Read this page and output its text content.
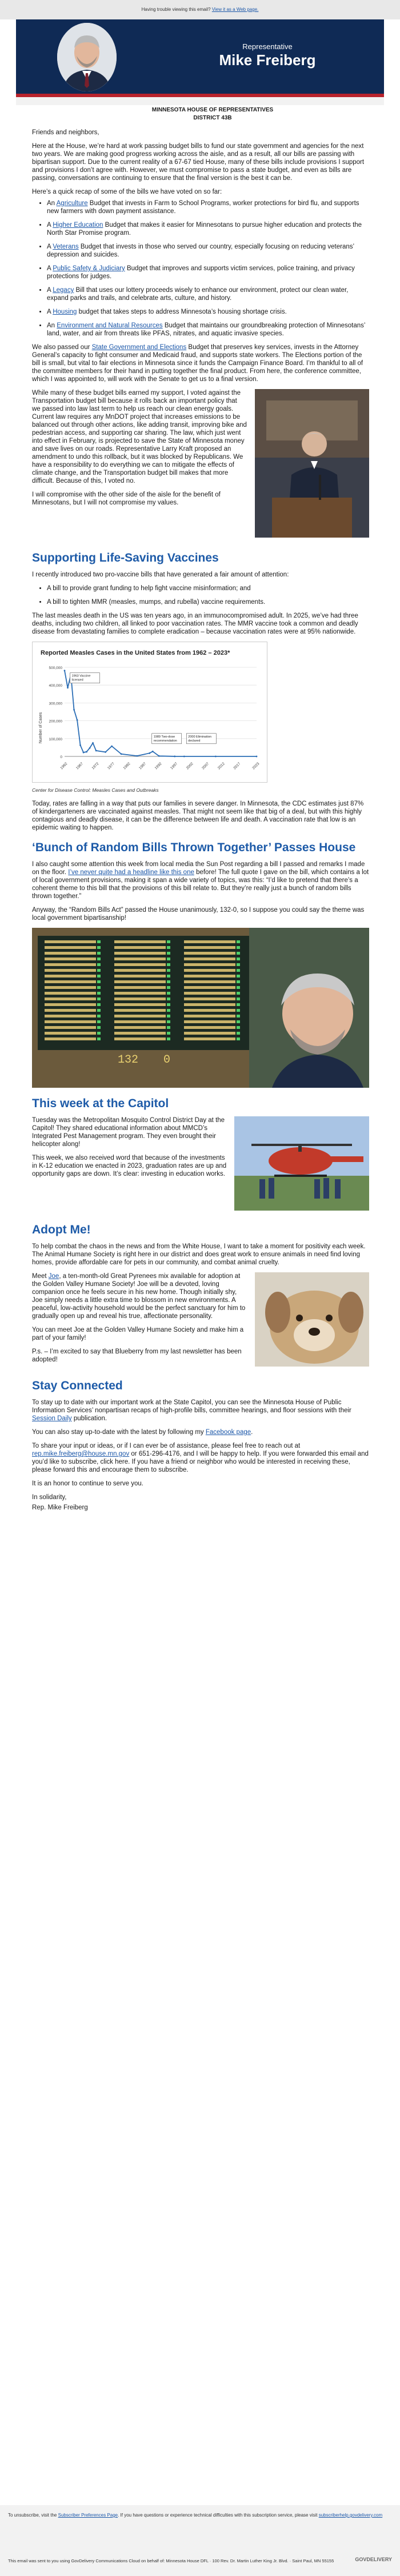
Having trouble viewing this email? View it as a Web page.
Representative
Mike Freiberg
MINNESOTA HOUSE OF REPRESENTATIVES
DISTRICT 43B

Friends and neighbors,

Here at the House, we’re hard at work passing budget bills to fund our state government and agencies for the next two years. We are making good progress working across the aisle, and as a result, all our bills are passing with bipartisan support. Due to the current reality of a 67-67 tied House, many of these bills include provisions I support and provisions I don’t agree with. However, we must compromise to pass a state budget, and even as bills are passing, conversations are continuing to ensure that the final version is the best it can be.

Here’s a quick recap of some of the bills we have voted on so far:

• An Agriculture Budget that invests in Farm to School Programs, worker protections for bird flu, and supports new farmers with down payment assistance.
• A Higher Education Budget that makes it easier for Minnesotans to pursue higher education and protects the North Star Promise program.
• A Veterans Budget that invests in those who served our country, especially focusing on reducing veterans’ depression and suicides.
• A Public Safety & Judiciary Budget that improves and supports victim services, police training, and privacy protections for judges.
• A Legacy Bill that uses our lottery proceeds wisely to enhance our environment, protect our clean water, expand parks and trails, and celebrate arts, culture, and history.
• A Housing budget that takes steps to address Minnesota’s housing shortage crisis.
• An Environment and Natural Resources Budget that maintains our groundbreaking protection of Minnesotans’ land, water, and air from threats like PFAS, nitrates, and aquatic invasive species.

We also passed our State Government and Elections Budget that preserves key services, invests in the Attorney General’s capacity to fight consumer and Medicaid fraud, and supports state workers. The Elections portion of the bill is small, but vital to fair elections in Minnesota since it funds the Campaign Finance Board. I’m thankful to all of the committee members for their hand in putting together the final product. From here, the conference committee, which I was appointed to, will work with the Senate to get us to a final version.

While many of these budget bills earned my support, I voted against the Transportation budget bill because it rolls back an important policy that we passed into law last term to help us reach our clean energy goals. Current law requires any MnDOT project that increases emissions to be balanced out through other actions, like adding transit, improving bike and pedestrian access, and supporting car sharing. The law, which just went into effect in February, is projected to save the State of Minnesota money and save lives on our roads. Representative Larry Kraft proposed an amendment to undo this rollback, but it was blocked by Republicans. We have a responsibility to do everything we can to mitigate the effects of climate change, and the Transportation budget bill makes that more difficult. Because of this, I voted no.

I will compromise with the other side of the aisle for the benefit of Minnesotans, but I will not compromise my values.

Supporting Life-Saving Vaccines

I recently introduced two pro-vaccine bills that have generated a fair amount of attention:

• A bill to provide grant funding to help fight vaccine misinformation; and
• A bill to tighten MMR (measles, mumps, and rubella) vaccine requirements.

The last measles death in the US was ten years ago, in an immunocompromised adult. In 2025, we’ve had three deaths, including two children, all linked to poor vaccination rates. The MMR vaccine took a common and deadly disease from devastating families to complete eradication – because vaccination rates were at 95% nationwide.

Reported Measles Cases in the United States from 1962 – 2023*
0
100,000
200,000
300,000
400,000
500,000
1962 1967 1972 1977 1982 1987 1992 1997 2002 2007 2012 2017	2023
Number of Cases
1963 Vaccine
licensed
1989 Two-dose
recommendation
2000 Elimination
declared

Center for Disease Control: Measles Cases and Outbreaks

Today, rates are falling in a way that puts our families in severe danger. In Minnesota, the CDC estimates just 87% of kindergarteners are vaccinated against measles. That might not seem like that big of a deal, but with this highly contagious and deadly disease, it can be the difference between life and death. A vaccination rate that low is an epidemic waiting to happen.

‘Bunch of Random Bills Thrown Together’ Passes House

I also caught some attention this week from local media the Sun Post regarding a bill I passed and remarks I made on the floor. I’ve never quite had a headline like this one before! The full quote I gave on the bill, which contains a lot of local government provisions, making it span a wide variety of topics, was this: “I’d like to pretend that there’s a coherent theme to this bill that the provisions of this bill relate to. But they’re really just a bunch of random bills thrown together.”

Anyway, the “Random Bills Act” passed the House unanimously, 132-0, so I suppose you could say the theme was local government bipartisanship!

132 0
This week at the Capitol

Tuesday was the Metropolitan Mosquito Control District Day at the Capitol! They shared educational information about MMCD’s Integrated Pest Management program. They even brought their helicopter along!

This week, we also received word that because of the investments in K-12 education we enacted in 2023, graduation rates are up and opportunity gaps are down. It’s clear: investing in education works.

Adopt Me!

To help combat the chaos in the news and from the White House, I want to take a moment for positivity each week. The Animal Humane Society is right here in our district and does great work to ensure animals in need find loving homes, provide affordable care for pets in our community, and combat animal cruelty.

Meet Joe, a ten-month-old Great Pyrenees mix available for adoption at the Golden Valley Humane Society! Joe will be a devoted, loving companion once he feels secure in his new home. Though initially shy, Joe simply needs a little extra time to blossom in new environments. A peaceful, low-activity household would be the perfect sanctuary for him to gradually open up and reveal his true, affectionate personality.

You can meet Joe at the Golden Valley Humane Society and make him a part of your family!

P.s. – I’m excited to say that Blueberry from my last newsletter has been adopted!

Stay Connected

To stay up to date with our important work at the State Capitol, you can see the Minnesota House of Public Information Services’ nonpartisan recaps of high-profile bills, committee hearings, and floor sessions with their Session Daily publication.

You can also stay up-to-date with the latest by following my Facebook page.

To share your input or ideas, or if I can ever be of assistance, please feel free to reach out at rep.mike.freiberg@house.mn.gov or 651-296-4176, and I will be happy to help. If you were forwarded this email and you’d like to subscribe, click here. If you have a friend or neighbor who would be interested in receiving these, please forward this and encourage them to subscribe.

It is an honor to continue to serve you.

In solidarity,

Rep. Mike Freiberg

To unsubscribe, visit the Subscriber Preferences Page. If you have questions or experience technical difficulties with this subscription service, please visit subscriberhelp.govdelivery.com
This email was sent to you using GovDelivery Communications Cloud on behalf of: Minnesota House DFL · 100 Rev. Dr. Martin Luther King Jr. Blvd. · Saint Paul, MN 55155	GOVDELIVERY
